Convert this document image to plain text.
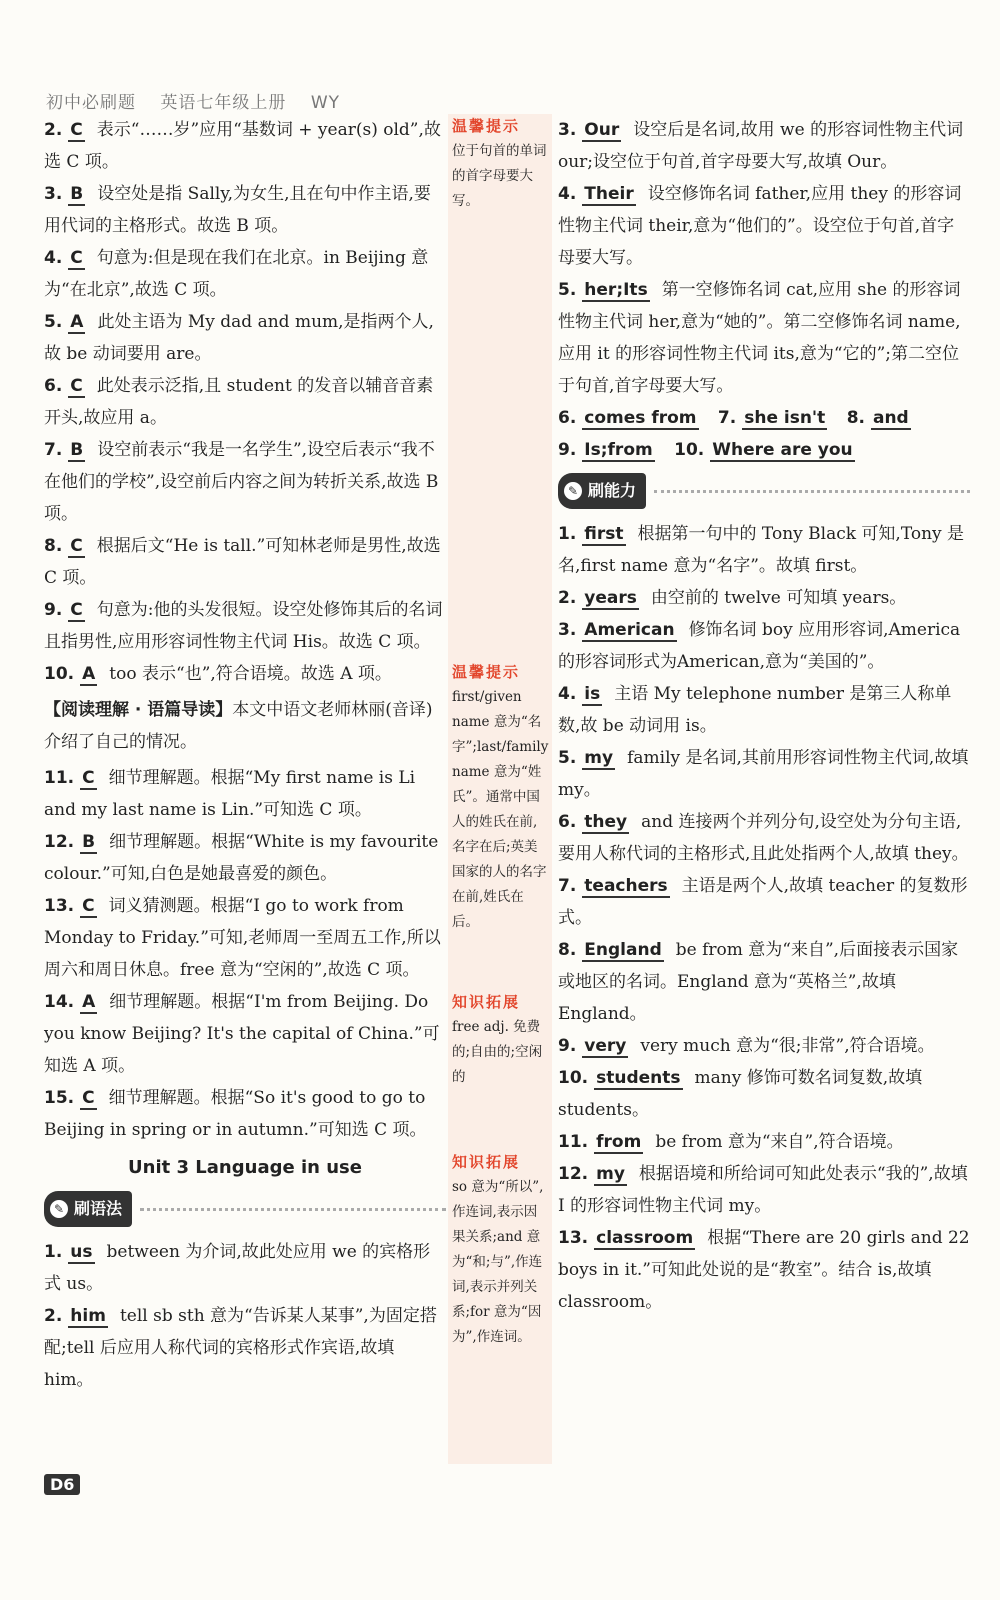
初中必刷题 英语七年级上册 WY

2. C 表示“……岁”应用“基数词 + year(s) old”,故选 C 项。

3. B 设空处是指 Sally,为女生,且在句中作主语,要用代词的主格形式。故选 B 项。

4. C 句意为:但是现在我们在北京。in Beijing 意为“在北京”,故选 C 项。

5. A 此处主语为 My dad and mum,是指两个人,故 be 动词要用 are。

6. C 此处表示泛指,且 student 的发音以辅音音素开头,故应用 a。

7. B 设空前表示“我是一名学生”,设空后表示“我不在他们的学校”,设空前后内容之间为转折关系,故选 B 项。

8. C 根据后文“He is tall.”可知林老师是男性,故选 C 项。

9. C 句意为:他的头发很短。设空处修饰其后的名词且指男性,应用形容词性物主代词 His。故选 C 项。

10. A too 表示“也”,符合语境。故选 A 项。

【阅读理解 · 语篇导读】本文中语文老师林丽(音译)介绍了自己的情况。

11. C 细节理解题。根据“My first name is Li and my last name is Lin.”可知选 C 项。

12. B 细节理解题。根据“White is my favourite colour.”可知,白色是她最喜爱的颜色。

13. C 词义猜测题。根据“I go to work from Monday to Friday.”可知,老师周一至周五工作,所以周六和周日休息。free 意为“空闲的”,故选 C 项。

14. A 细节理解题。根据“I'm from Beijing. Do you know Beijing? It's the capital of China.”可知选 A 项。

15. C 细节理解题。根据“So it's good to go to Beijing in spring or in autumn.”可知选 C 项。

Unit 3 Language in use
✎ 刷语法

1. us between 为介词,故此处应用 we 的宾格形式 us。

2. him tell sb sth 意为“告诉某人某事”,为固定搭配;tell 后应用人称代词的宾格形式作宾语,故填 him。

温馨提示
位于句首的单词的首字母要大写。
温馨提示
first/given name 意为“名字”;last/family name 意为“姓氏”。通常中国人的姓氏在前,名字在后;英美国家的人的名字在前,姓氏在后。
知识拓展
free adj. 免费的;自由的;空闲的
知识拓展
so 意为“所以”,作连词,表示因果关系;and 意为“和;与”,作连词,表示并列关系;for 意为“因为”,作连词。

3. Our 设空后是名词,故用 we 的形容词性物主代词 our;设空位于句首,首字母要大写,故填 Our。

4. Their 设空修饰名词 father,应用 they 的形容词性物主代词 their,意为“他们的”。设空位于句首,首字母要大写。

5. her;Its 第一空修饰名词 cat,应用 she 的形容词性物主代词 her,意为“她的”。第二空修饰名词 name,应用 it 的形容词性物主代词 its,意为“它的”;第二空位于句首,首字母要大写。

6. comes from 7. she isn't 8. and
9. Is;from 10. Where are you
✎ 刷能力

1. first 根据第一句中的 Tony Black 可知,Tony 是名,first name 意为“名字”。故填 first。

2. years 由空前的 twelve 可知填 years。

3. American 修饰名词 boy 应用形容词,America 的形容词形式为American,意为“美国的”。

4. is 主语 My telephone number 是第三人称单数,故 be 动词用 is。

5. my family 是名词,其前用形容词性物主代词,故填 my。

6. they and 连接两个并列分句,设空处为分句主语,要用人称代词的主格形式,且此处指两个人,故填 they。

7. teachers 主语是两个人,故填 teacher 的复数形式。

8. England be from 意为“来自”,后面接表示国家或地区的名词。England 意为“英格兰”,故填 England。

9. very very much 意为“很;非常”,符合语境。

10. students many 修饰可数名词复数,故填 students。

11. from be from 意为“来自”,符合语境。

12. my 根据语境和所给词可知此处表示“我的”,故填 I 的形容词性物主代词 my。

13. classroom 根据“There are 20 girls and 22 boys in it.”可知此处说的是“教室”。结合 is,故填 classroom。

D6
